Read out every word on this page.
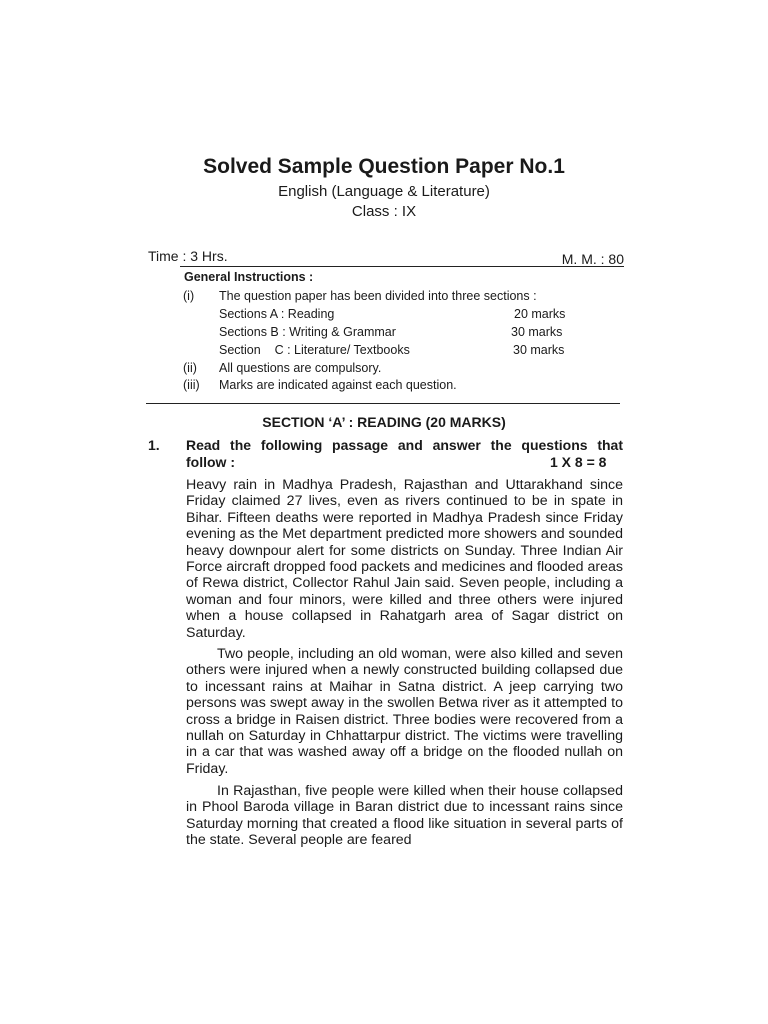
Solved Sample Question Paper No.1
English (Language & Literature)
Class : IX
Time : 3 Hrs.	M. M. : 80
General Instructions :
(i) The question paper has been divided into three sections :
Sections A : Reading	20 marks
Sections B : Writing & Grammar	30 marks
Section    C : Literature/ Textbooks	30 marks
(ii) All questions are compulsory.
(iii) Marks are indicated against each question.
SECTION ‘A’ : READING (20 MARKS)
1. Read the following passage and answer the questions that
follow :	1 X 8 = 8

Heavy rain in Madhya Pradesh, Rajasthan and Uttarakhand since Friday claimed 27 lives, even as rivers continued to be in spate in Bihar. Fifteen deaths were reported in Madhya Pradesh since Friday evening as the Met department predicted more showers and sounded heavy downpour alert for some districts on Sunday. Three Indian Air Force aircraft dropped food packets and medicines and flooded areas of Rewa district, Collector Rahul Jain said. Seven people, including a woman and four minors, were killed and three others were injured when a house collapsed in Rahatgarh area of Sagar district on Saturday.

Two people, including an old woman, were also killed and seven others were injured when a newly constructed building collapsed due to incessant rains at Maihar in Satna district. A jeep carrying two persons was swept away in the swollen Betwa river as it attempted to cross a bridge in Raisen district. Three bodies were recovered from a nullah on Saturday in Chhattarpur district. The victims were travelling in a car that was washed away off a bridge on the flooded nullah on Friday.

In Rajasthan, five people were killed when their house collapsed in Phool Baroda village in Baran district due to incessant rains since Saturday morning that created a flood like situation in several parts of the state. Several people are feared
